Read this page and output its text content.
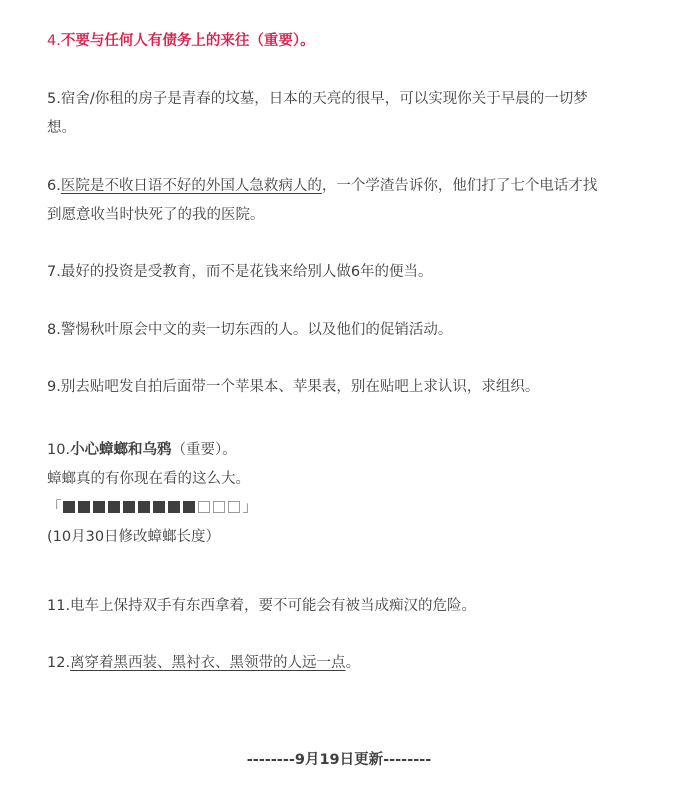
4.不要与任何人有债务上的来往（重要）。
5.宿舍/你租的房子是青春的坟墓，日本的天亮的很早，可以实现你关于早晨的一切梦
想。
6.医院是不收日语不好的外国人急救病人的，一个学渣告诉你，他们打了七个电话才找
到愿意收当时快死了的我的医院。
7.最好的投资是受教育，而不是花钱来给别人做6年的便当。
8.警惕秋叶原会中文的卖一切东西的人。以及他们的促销活动。
9.别去贴吧发自拍后面带一个苹果本、苹果表，别在贴吧上求认识，求组织。
10.小心蟑螂和乌鸦（重要）。
蟑螂真的有你现在看的这么大。
「	」
(10月30日修改蟑螂长度）
11.电车上保持双手有东西拿着，要不可能会有被当成痴汉的危险。
12.离穿着黑西装、黑衬衣、黑领带的人远一点。
--------9月19日更新--------
